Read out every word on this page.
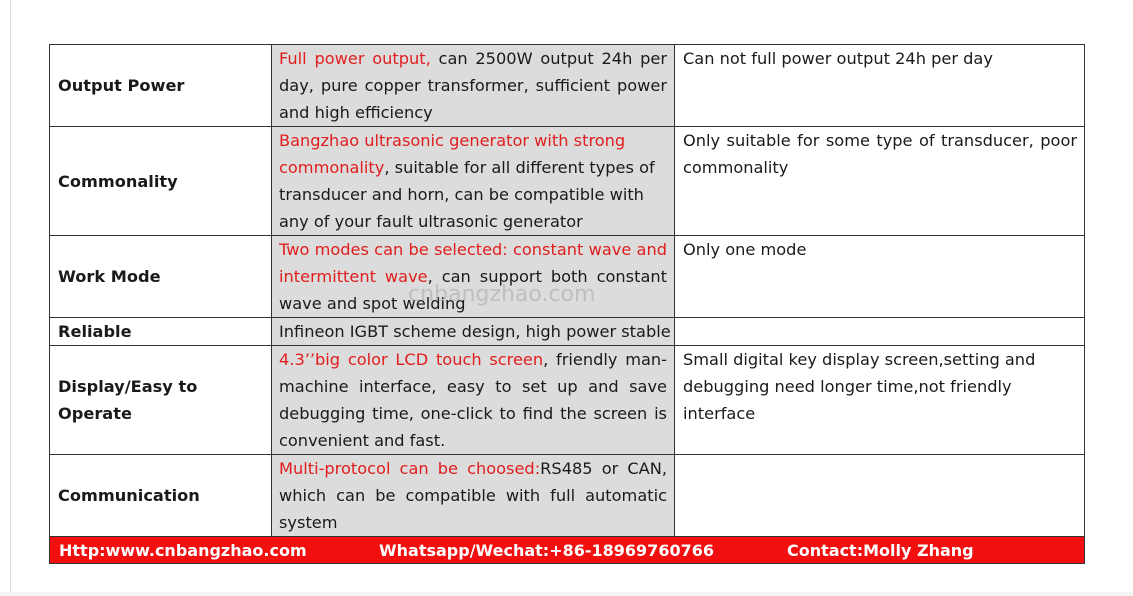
Output Power	Full power output, can 2500W output 24h per day, pure copper transformer, sufficient power and high efficiency	Can not full power output 24h per day
Commonality	Bangzhao ultrasonic generator with strong commonality, suitable for all different types of transducer and horn, can be compatible with any of your fault ultrasonic generator	Only suitable for some type of transducer, poor commonality
Work Mode	Two modes can be selected: constant wave and intermittent wave, can support both constant wave and spot welding	Only one mode
Reliable	Infineon IGBT scheme design, high power stable	
Display/Easy to Operate	4.3’’big color LCD touch screen, friendly man-machine interface, easy to set up and save debugging time, one-click to find the screen is convenient and fast.	Small digital key display screen,setting and debugging need longer time,not friendly interface
Communication	Multi-protocol can be choosed:RS485 or CAN, which can be compatible with full automatic system	

Http:www.cnbangzhao.com Whatsapp/Wechat:+86-18969760766 Contact:Molly Zhang		
cnbangzhao.com
